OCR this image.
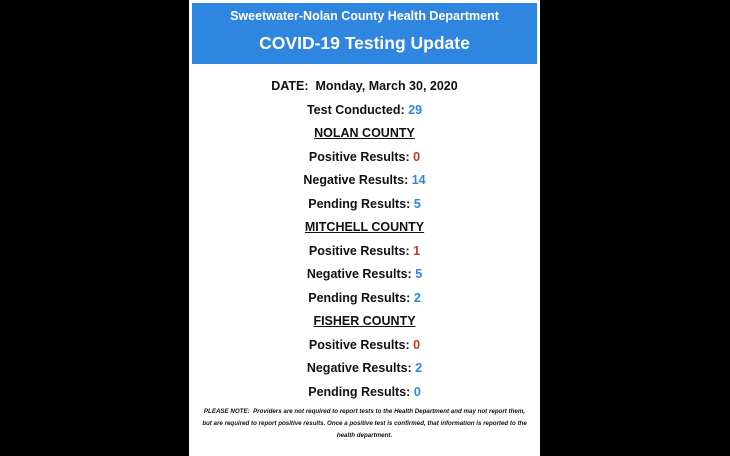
Sweetwater-Nolan County Health Department
COVID-19 Testing Update
DATE: Monday, March 30, 2020
Test Conducted: 29
NOLAN COUNTY
Positive Results: 0
Negative Results: 14
Pending Results: 5
MITCHELL COUNTY
Positive Results: 1
Negative Results: 5
Pending Results: 2
FISHER COUNTY
Positive Results: 0
Negative Results: 2
Pending Results: 0
PLEASE NOTE: Providers are not required to report tests to the Health Department and may not report them, but are required to report positive results. Once a positive test is confirmed, that information is reported to the health department.
